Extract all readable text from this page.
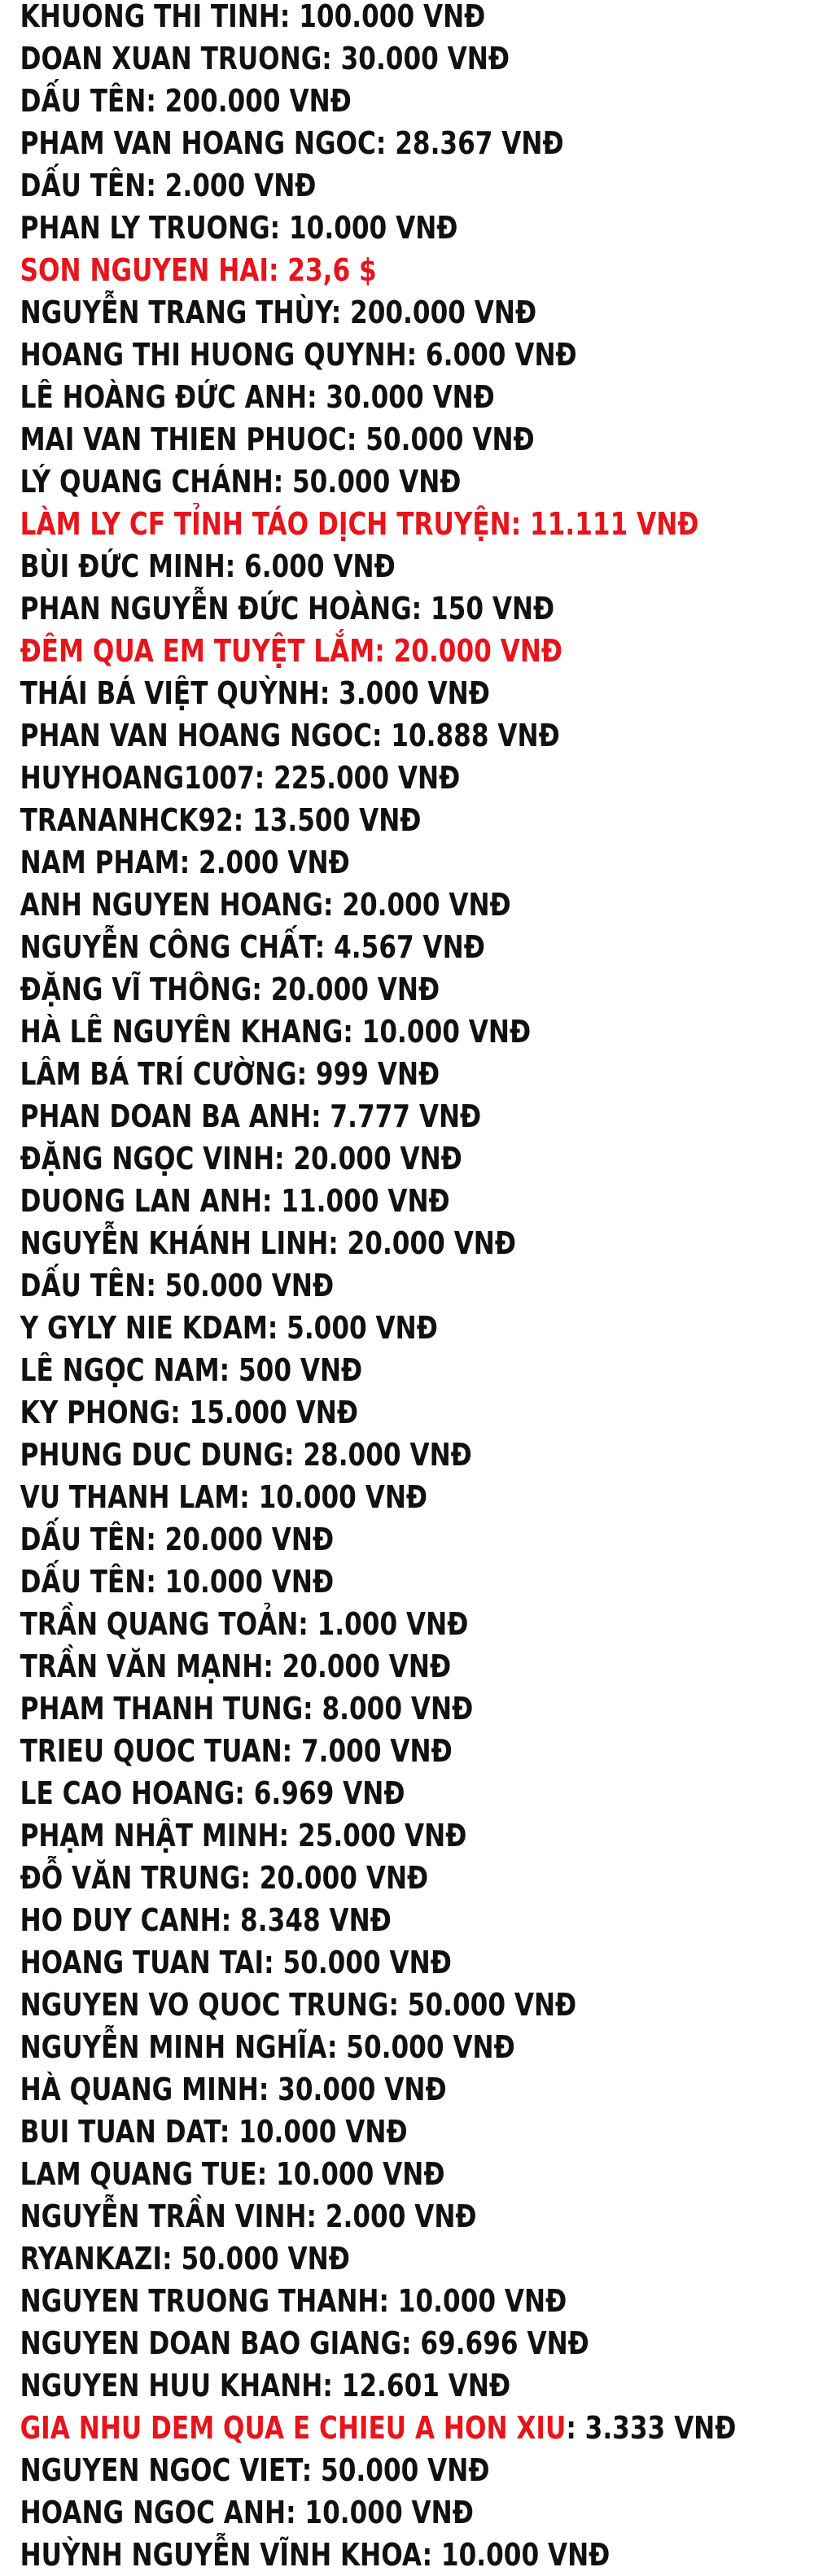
KHUONG THI TINH: 100.000 VNĐ
DOAN XUAN TRUONG: 30.000 VNĐ
DẤU TÊN: 200.000 VNĐ
PHAM VAN HOANG NGOC: 28.367 VNĐ
DẤU TÊN: 2.000 VNĐ
PHAN LY TRUONG: 10.000 VNĐ
SON NGUYEN HAI: 23,6 $
NGUYỄN TRANG THÙY: 200.000 VNĐ
HOANG THI HUONG QUYNH: 6.000 VNĐ
LÊ HOÀNG ĐỨC ANH: 30.000 VNĐ
MAI VAN THIEN PHUOC: 50.000 VNĐ
LÝ QUANG CHÁNH: 50.000 VNĐ
LÀM LY CF TỈNH TÁO DỊCH TRUYỆN: 11.111 VNĐ
BÙI ĐỨC MINH: 6.000 VNĐ
PHAN NGUYỄN ĐỨC HOÀNG: 150 VNĐ
ĐÊM QUA EM TUYỆT LẮM: 20.000 VNĐ
THÁI BÁ VIỆT QUỲNH: 3.000 VNĐ
PHAN VAN HOANG NGOC: 10.888 VNĐ
HUYHOANG1007: 225.000 VNĐ
TRANANHCK92: 13.500 VNĐ
NAM PHAM: 2.000 VNĐ
ANH NGUYEN HOANG: 20.000 VNĐ
NGUYỄN CÔNG CHẤT: 4.567 VNĐ
ĐẶNG VĨ THÔNG: 20.000 VNĐ
HÀ LÊ NGUYÊN KHANG: 10.000 VNĐ
LÂM BÁ TRÍ CƯỜNG: 999 VNĐ
PHAN DOAN BA ANH: 7.777 VNĐ
ĐẶNG NGỌC VINH: 20.000 VNĐ
DUONG LAN ANH: 11.000 VNĐ
NGUYỄN KHÁNH LINH: 20.000 VNĐ
DẤU TÊN: 50.000 VNĐ
Y GYLY NIE KDAM: 5.000 VNĐ
LÊ NGỌC NAM: 500 VNĐ
KY PHONG: 15.000 VNĐ
PHUNG DUC DUNG: 28.000 VNĐ
VU THANH LAM: 10.000 VNĐ
DẤU TÊN: 20.000 VNĐ
DẤU TÊN: 10.000 VNĐ
TRẦN QUANG TOẢN: 1.000 VNĐ
TRẦN VĂN MẠNH: 20.000 VNĐ
PHAM THANH TUNG: 8.000 VNĐ
TRIEU QUOC TUAN: 7.000 VNĐ
LE CAO HOANG: 6.969 VNĐ
PHẠM NHẬT MINH: 25.000 VNĐ
ĐỖ VĂN TRUNG: 20.000 VNĐ
HO DUY CANH: 8.348 VNĐ
HOANG TUAN TAI: 50.000 VNĐ
NGUYEN VO QUOC TRUNG: 50.000 VNĐ
NGUYỄN MINH NGHĨA: 50.000 VNĐ
HÀ QUANG MINH: 30.000 VNĐ
BUI TUAN DAT: 10.000 VNĐ
LAM QUANG TUE: 10.000 VNĐ
NGUYỄN TRẦN VINH: 2.000 VNĐ
RYANKAZI: 50.000 VNĐ
NGUYEN TRUONG THANH: 10.000 VNĐ
NGUYEN DOAN BAO GIANG: 69.696 VNĐ
NGUYEN HUU KHANH: 12.601 VNĐ
GIA NHU DEM QUA E CHIEU A HON XIU: 3.333 VNĐ
NGUYEN NGOC VIET: 50.000 VNĐ
HOANG NGOC ANH: 10.000 VNĐ
HUỲNH NGUYỄN VĨNH KHOA: 10.000 VNĐ
